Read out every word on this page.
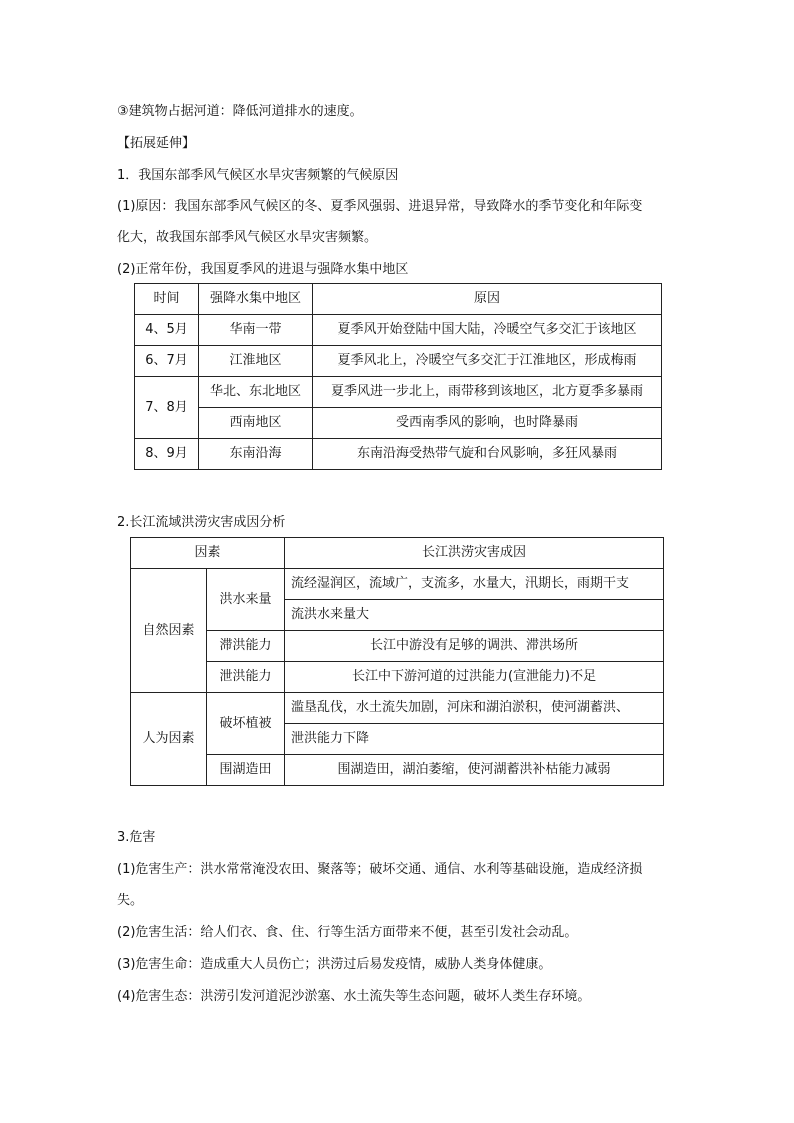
③建筑物占据河道：降低河道排水的速度。
【拓展延伸】
1．我国东部季风气候区水旱灾害频繁的气候原因
(1)原因：我国东部季风气候区的冬、夏季风强弱、进退异常，导致降水的季节变化和年际变
化大，故我国东部季风气候区水旱灾害频繁。
(2)正常年份，我国夏季风的进退与强降水集中地区
时间	强降水集中地区	原因
4、5月	华南一带	夏季风开始登陆中国大陆，冷暖空气多交汇于该地区
6、7月	江淮地区	夏季风北上，冷暖空气多交汇于江淮地区，形成梅雨
7、8月	华北、东北地区	夏季风进一步北上，雨带移到该地区，北方夏季多暴雨
	西南地区	受西南季风的影响，也时降暴雨
8、9月	东南沿海	东南沿海受热带气旋和台风影响，多狂风暴雨
2.长江流域洪涝灾害成因分析
因素		长江洪涝灾害成因
自然因素	洪水来量	流经湿润区，流域广，支流多，水量大，汛期长，雨期干支
		流洪水来量大
	滞洪能力	长江中游没有足够的调洪、滞洪场所
	泄洪能力	长江中下游河道的过洪能力(宣泄能力)不足
人为因素	破坏植被	滥垦乱伐，水土流失加剧，河床和湖泊淤积，使河湖蓄洪、
		泄洪能力下降
	围湖造田	围湖造田，湖泊萎缩，使河湖蓄洪补枯能力减弱
3.危害
(1)危害生产：洪水常常淹没农田、聚落等；破坏交通、通信、水利等基础设施，造成经济损
失。
(2)危害生活：给人们衣、食、住、行等生活方面带来不便，甚至引发社会动乱。
(3)危害生命：造成重大人员伤亡；洪涝过后易发疫情，威胁人类身体健康。
(4)危害生态：洪涝引发河道泥沙淤塞、水土流失等生态问题，破坏人类生存环境。
